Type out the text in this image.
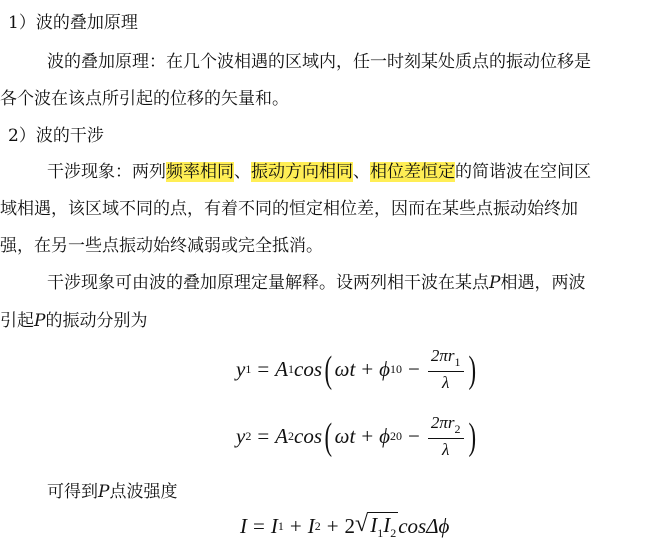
1）波的叠加原理
波的叠加原理：在几个波相遇的区域内，任一时刻某处质点的振动位移是
各个波在该点所引起的位移的矢量和。
2）波的干涉
干涉现象：两列频率相同、振动方向相同、相位差恒定的简谐波在空间区
域相遇，该区域不同的点，有着不同的恒定相位差，因而在某些点振动始终加
强，在另一些点振动始终减弱或完全抵消。
干涉现象可由波的叠加原理定量解释。设两列相干波在某点P相遇，两波
引起P的振动分别为
y 1 = A 1 cos ( ωt + ϕ $10 - \frac{2\pi r_1}{\lambda}$ )
y 2 = A 2 cos ( ωt + ϕ $20 - \frac{2\pi r_2}{\lambda}$ )
可得到P点波强度
I = I 1 + I 2 + 2 √ $I_1I_2$ cosΔϕ
